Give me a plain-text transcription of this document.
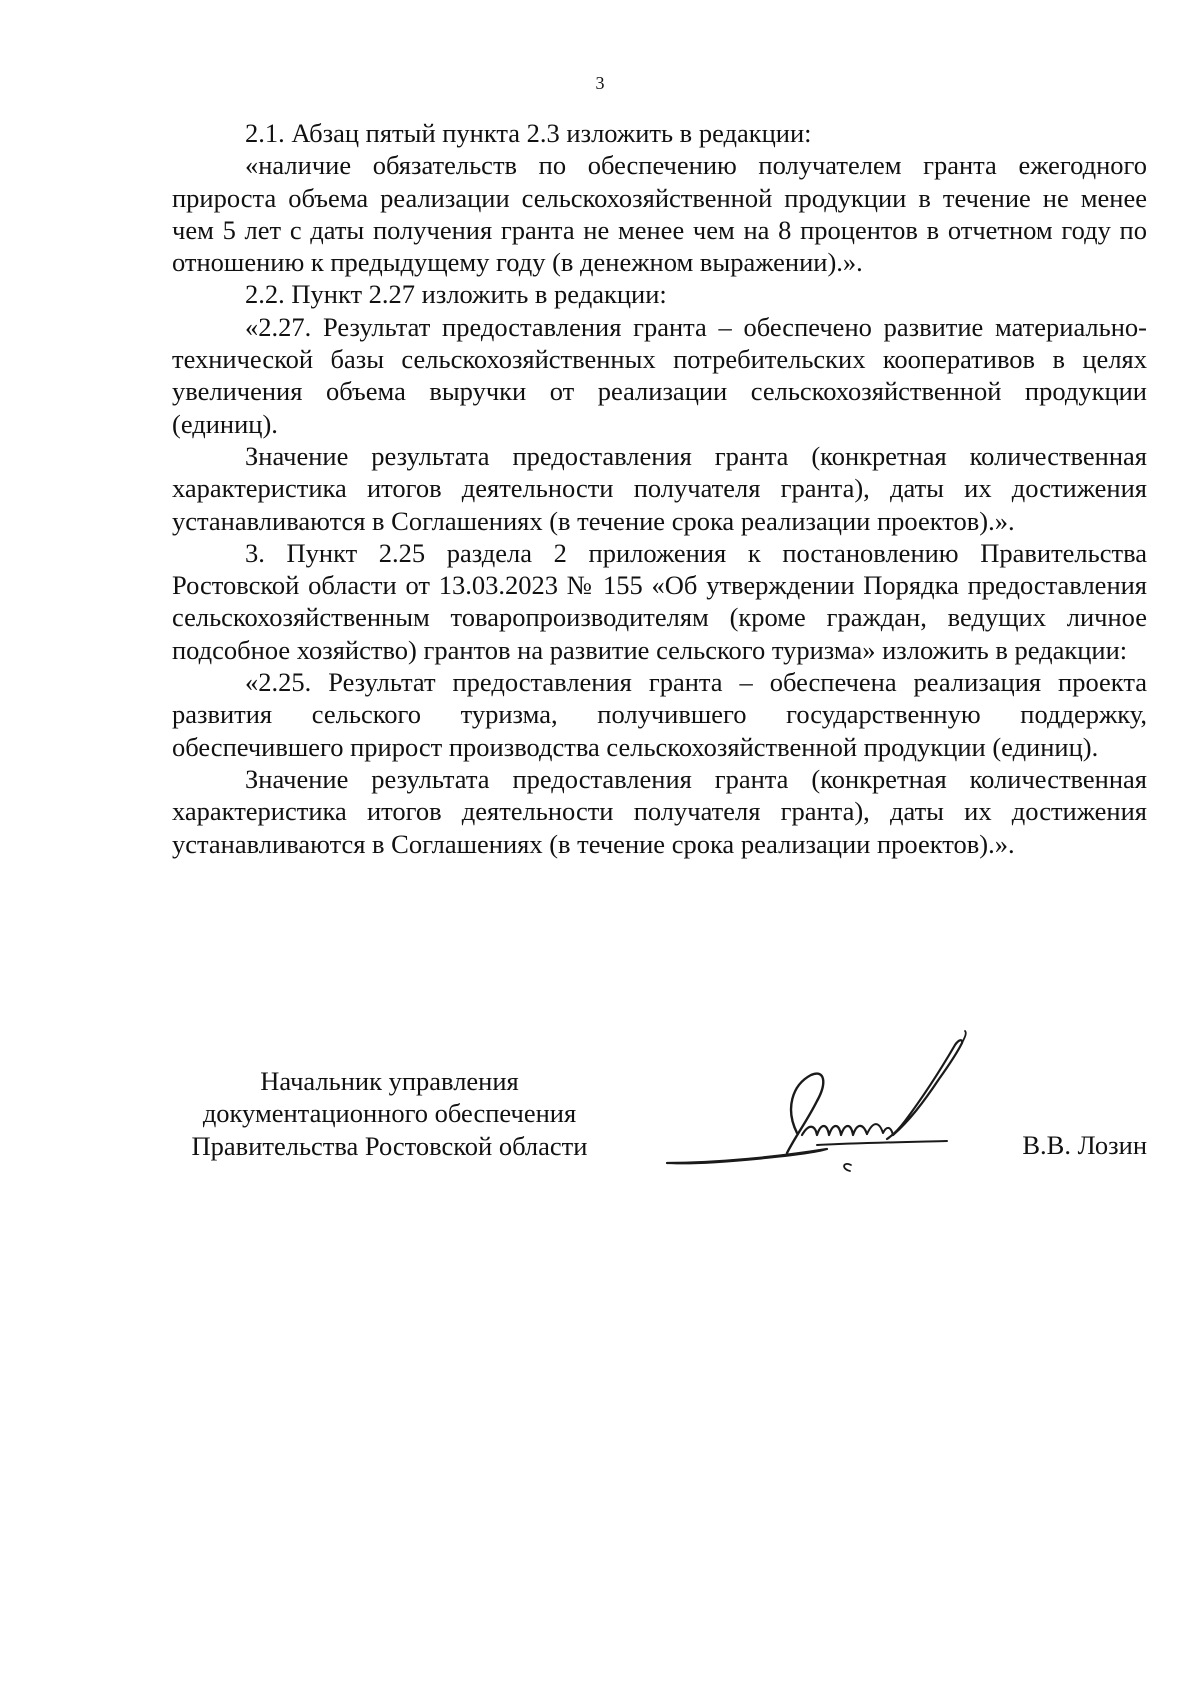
3

2.1. Абзац пятый пункта 2.3 изложить в редакции:

«наличие обязательств по обеспечению получателем гранта ежегодного прироста объема реализации сельскохозяйственной продукции в течение не менее чем 5 лет с даты получения гранта не менее чем на 8 процентов в отчетном году по отношению к предыдущему году (в денежном выражении).».

2.2. Пункт 2.27 изложить в редакции:

«2.27. Результат предоставления гранта – обеспечено развитие материально-технической базы сельскохозяйственных потребительских кооперативов в целях увеличения объема выручки от реализации сельскохозяйственной продукции (единиц).

Значение результата предоставления гранта (конкретная количественная характеристика итогов деятельности получателя гранта), даты их достижения устанавливаются в Соглашениях (в течение срока реализации проектов).».

3. Пункт 2.25 раздела 2 приложения к постановлению Правительства Ростовской области от 13.03.2023 № 155 «Об утверждении Порядка предоставления сельскохозяйственным товаропроизводителям (кроме граждан, ведущих личное подсобное хозяйство) грантов на развитие сельского туризма» изложить в редакции:

«2.25. Результат предоставления гранта – обеспечена реализация проекта развития сельского туризма, получившего государственную поддержку, обеспечившего прирост производства сельскохозяйственной продукции (единиц).

Значение результата предоставления гранта (конкретная количественная характеристика итогов деятельности получателя гранта), даты их достижения устанавливаются в Соглашениях (в течение срока реализации проектов).».

Начальник управления
документационного обеспечения
Правительства Ростовской области	В.В. Лозин
